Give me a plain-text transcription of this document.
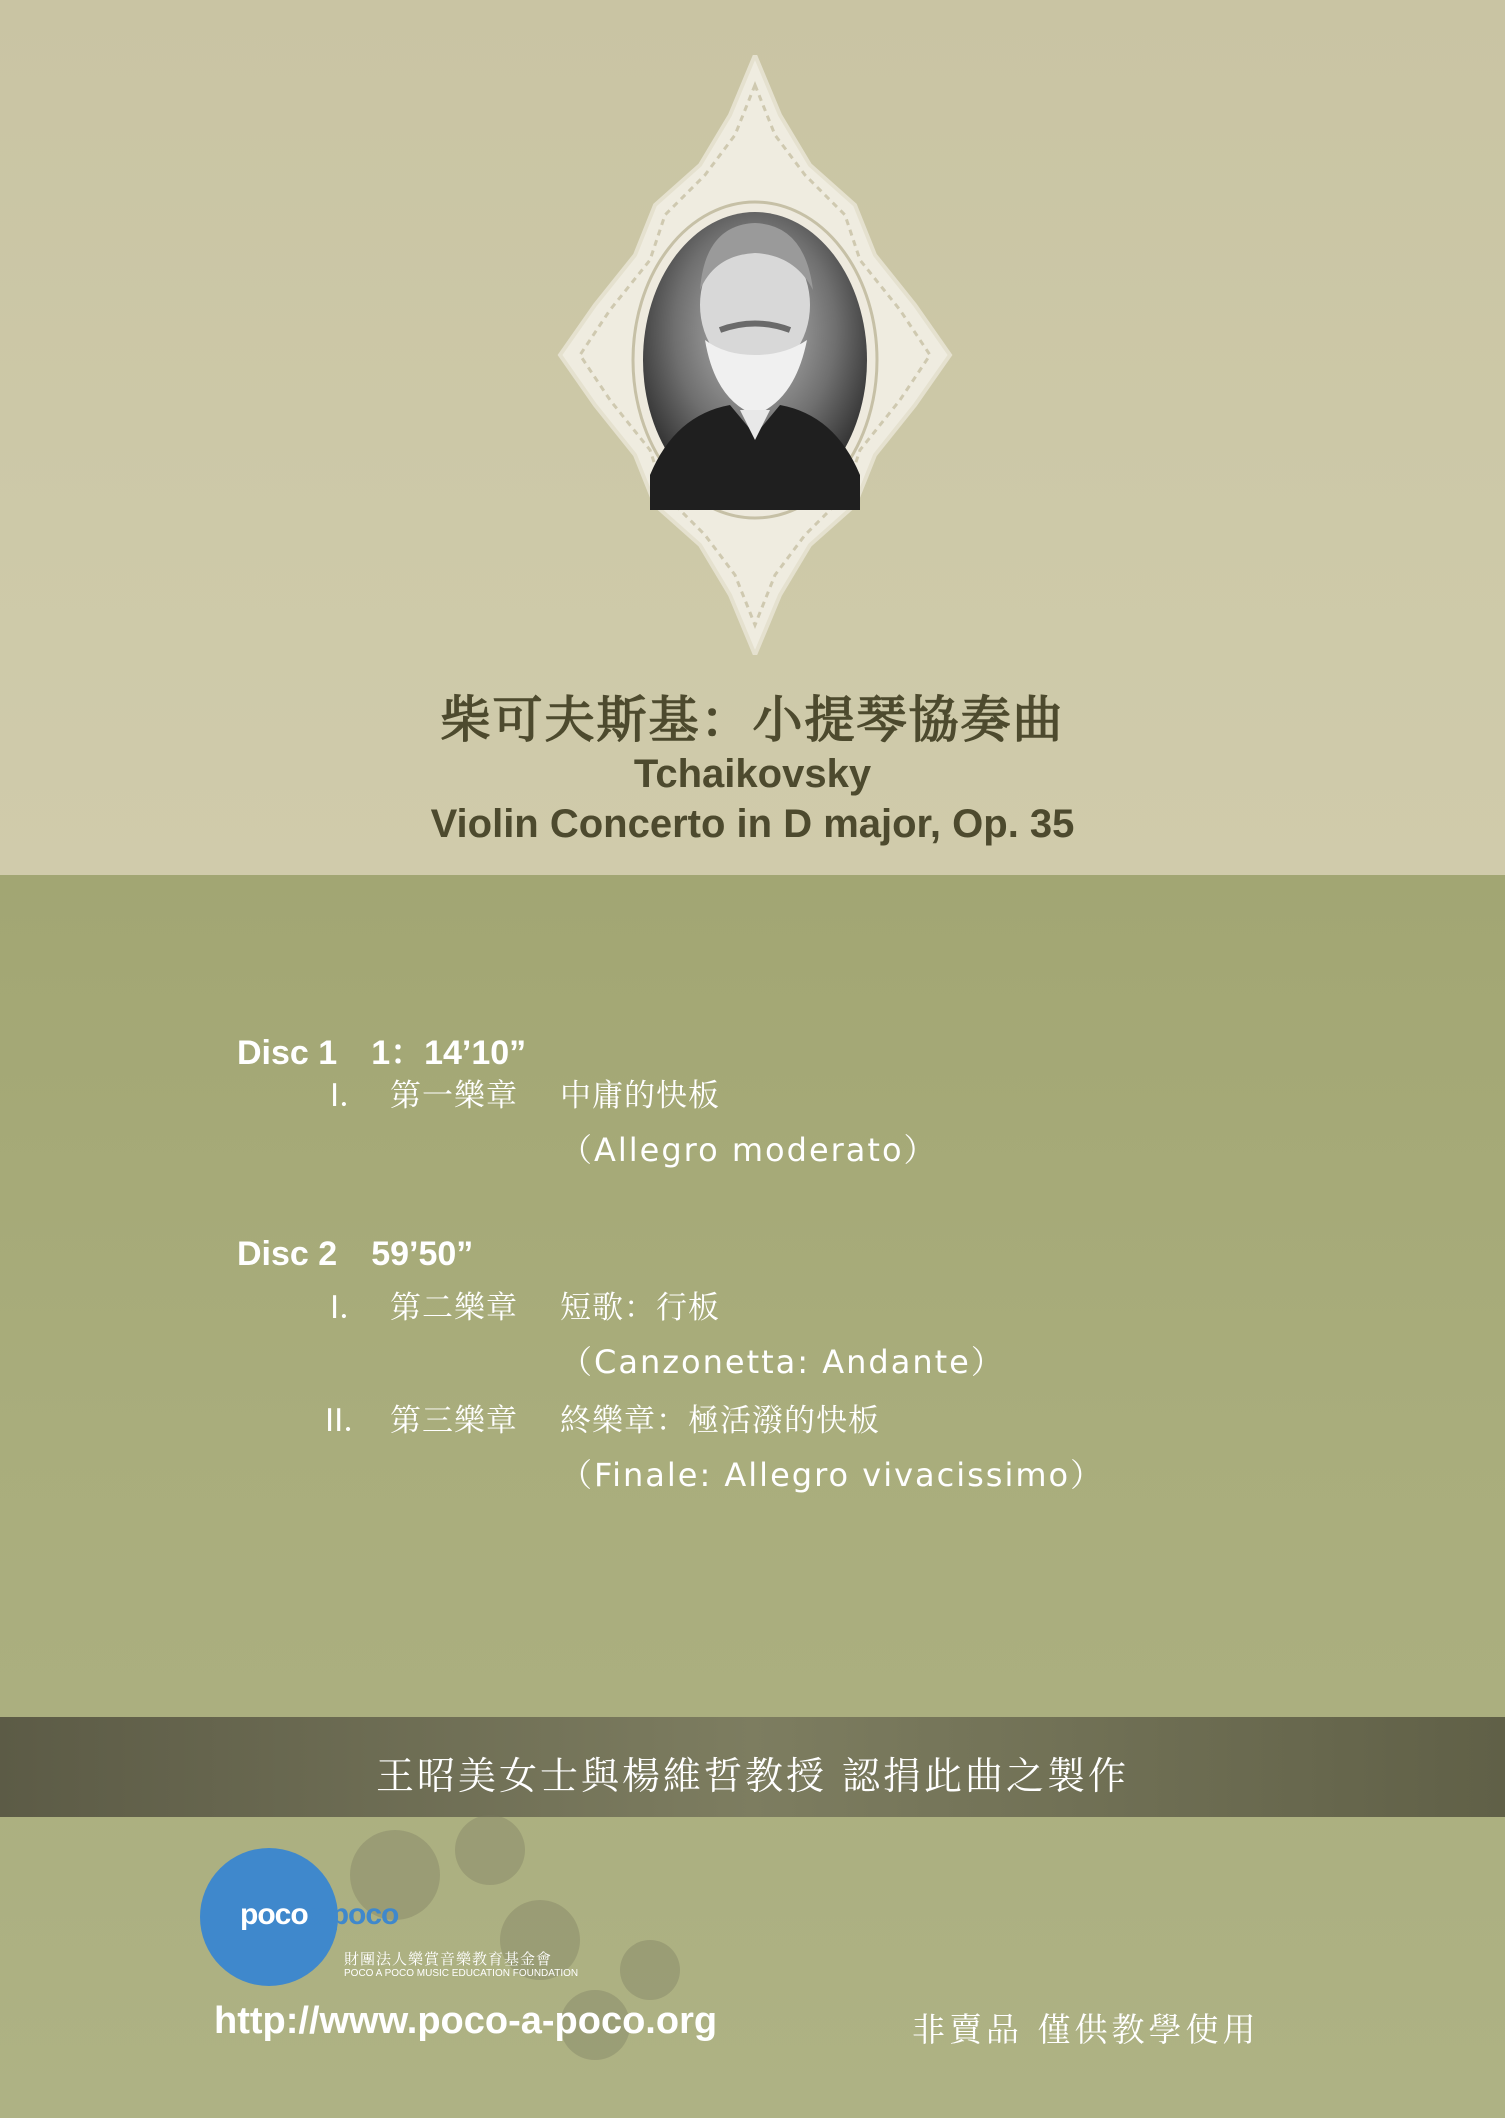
柴可夫斯基：小提琴協奏曲
Tchaikovsky
Violin Concerto in D major, Op. 35
Disc 1 1：14’10”
I． 第一樂章 中庸的快板
（Allegro moderato）
Disc 2 59’50”
I． 第二樂章 短歌：行板
（Canzonetta: Andante）
II． 第三樂章 終樂章：極活潑的快板
（Finale: Allegro vivacissimo）
王昭美女士與楊維哲教授 認捐此曲之製作
pocoa poco
財團法人樂賞音樂教育基金會
POCO A POCO MUSIC EDUCATION FOUNDATION
http://www.poco-a-poco.org	非賣品 僅供教學使用
